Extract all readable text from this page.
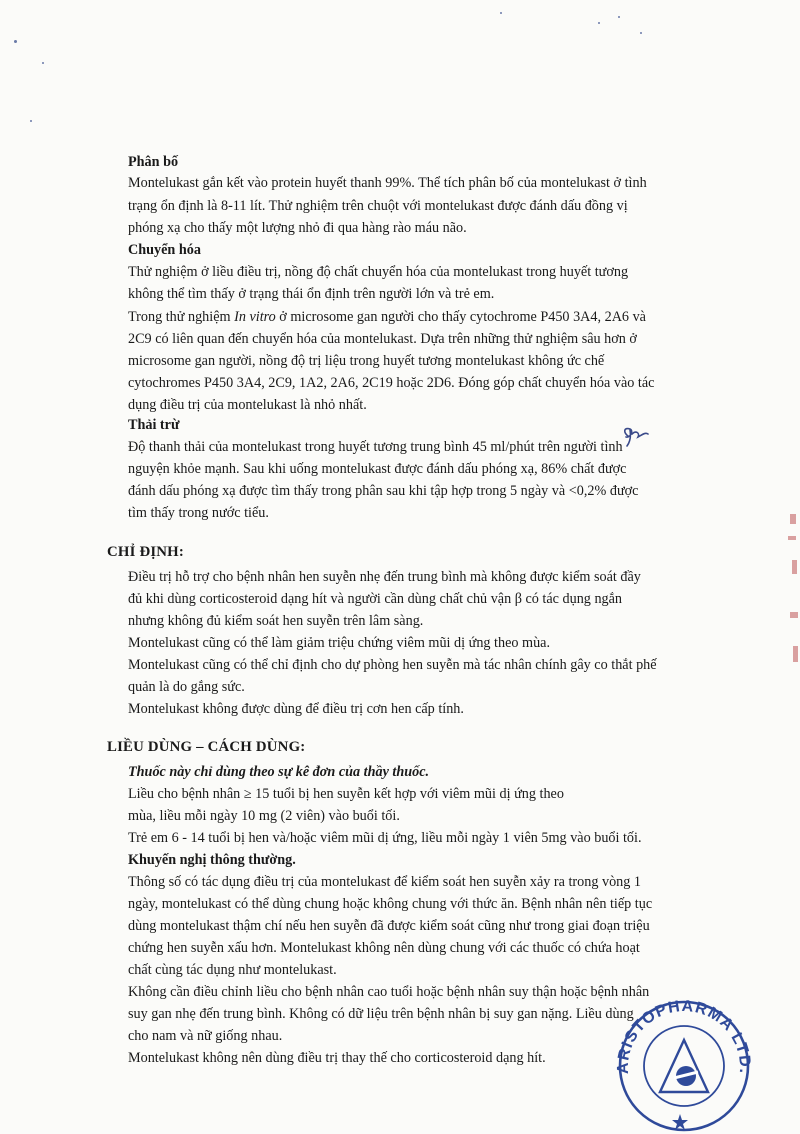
Phân bố

Montelukast gắn kết vào protein huyết thanh 99%. Thể tích phân bố của montelukast ở tình

trạng ổn định là 8-11 lít. Thử nghiệm trên chuột với montelukast được đánh dấu đồng vị

phóng xạ cho thấy một lượng nhỏ đi qua hàng rào máu não.

Chuyển hóa

Thử nghiệm ở liều điều trị, nồng độ chất chuyển hóa của montelukast trong huyết tương

không thể tìm thấy ở trạng thái ổn định trên người lớn và trẻ em.

Trong thử nghiệm In vitro ở microsome gan người cho thấy cytochrome P450 3A4, 2A6 và

2C9 có liên quan đến chuyển hóa của montelukast. Dựa trên những thử nghiệm sâu hơn ở

microsome gan người, nồng độ trị liệu trong huyết tương montelukast không ức chế

cytochromes P450 3A4, 2C9, 1A2, 2A6, 2C19 hoặc 2D6. Đóng góp chất chuyển hóa vào tác

dụng điều trị của montelukast là nhỏ nhất.

Thải trừ

Độ thanh thải của montelukast trong huyết tương trung bình 45 ml/phút trên người tình

nguyện khỏe mạnh. Sau khi uống montelukast được đánh dấu phóng xạ, 86% chất được

đánh dấu phóng xạ được tìm thấy trong phân sau khi tập hợp trong 5 ngày và <0,2% được

tìm thấy trong nước tiểu.

CHỈ ĐỊNH:

Điều trị hỗ trợ cho bệnh nhân hen suyễn nhẹ đến trung bình mà không được kiểm soát đầy

đủ khi dùng corticosteroid dạng hít và người cần dùng chất chủ vận β có tác dụng ngắn

nhưng không đủ kiểm soát hen suyễn trên lâm sàng.

Montelukast cũng có thể làm giảm triệu chứng viêm mũi dị ứng theo mùa.

Montelukast cũng có thể chỉ định cho dự phòng hen suyễn mà tác nhân chính gây co thắt phế

quản là do gắng sức.

Montelukast không được dùng để điều trị cơn hen cấp tính.

LIỀU DÙNG – CÁCH DÙNG:

Thuốc này chỉ dùng theo sự kê đơn của thầy thuốc.

Liều cho bệnh nhân ≥ 15 tuổi bị hen suyễn kết hợp với viêm mũi dị ứng theo

mùa, liều mỗi ngày 10 mg (2 viên) vào buổi tối.

Trẻ em 6 - 14 tuổi bị hen và/hoặc viêm mũi dị ứng, liều mỗi ngày 1 viên 5mg vào buổi tối.

Khuyến nghị thông thường.

Thông số có tác dụng điều trị của montelukast để kiểm soát hen suyễn xảy ra trong vòng 1

ngày, montelukast có thể dùng chung hoặc không chung với thức ăn. Bệnh nhân nên tiếp tục

dùng montelukast thậm chí nếu hen suyễn đã được kiểm soát cũng như trong giai đoạn triệu

chứng hen suyễn xấu hơn. Montelukast không nên dùng chung với các thuốc có chứa hoạt

chất cùng tác dụng như montelukast.

Không cần điều chỉnh liều cho bệnh nhân cao tuổi hoặc bệnh nhân suy thận hoặc bệnh nhân

suy gan nhẹ đến trung bình. Không có dữ liệu trên bệnh nhân bị suy gan nặng. Liều dùng

cho nam và nữ giống nhau.

Montelukast không nên dùng điều trị thay thế cho corticosteroid dạng hít.

ARISTOPHARMA LTD.
